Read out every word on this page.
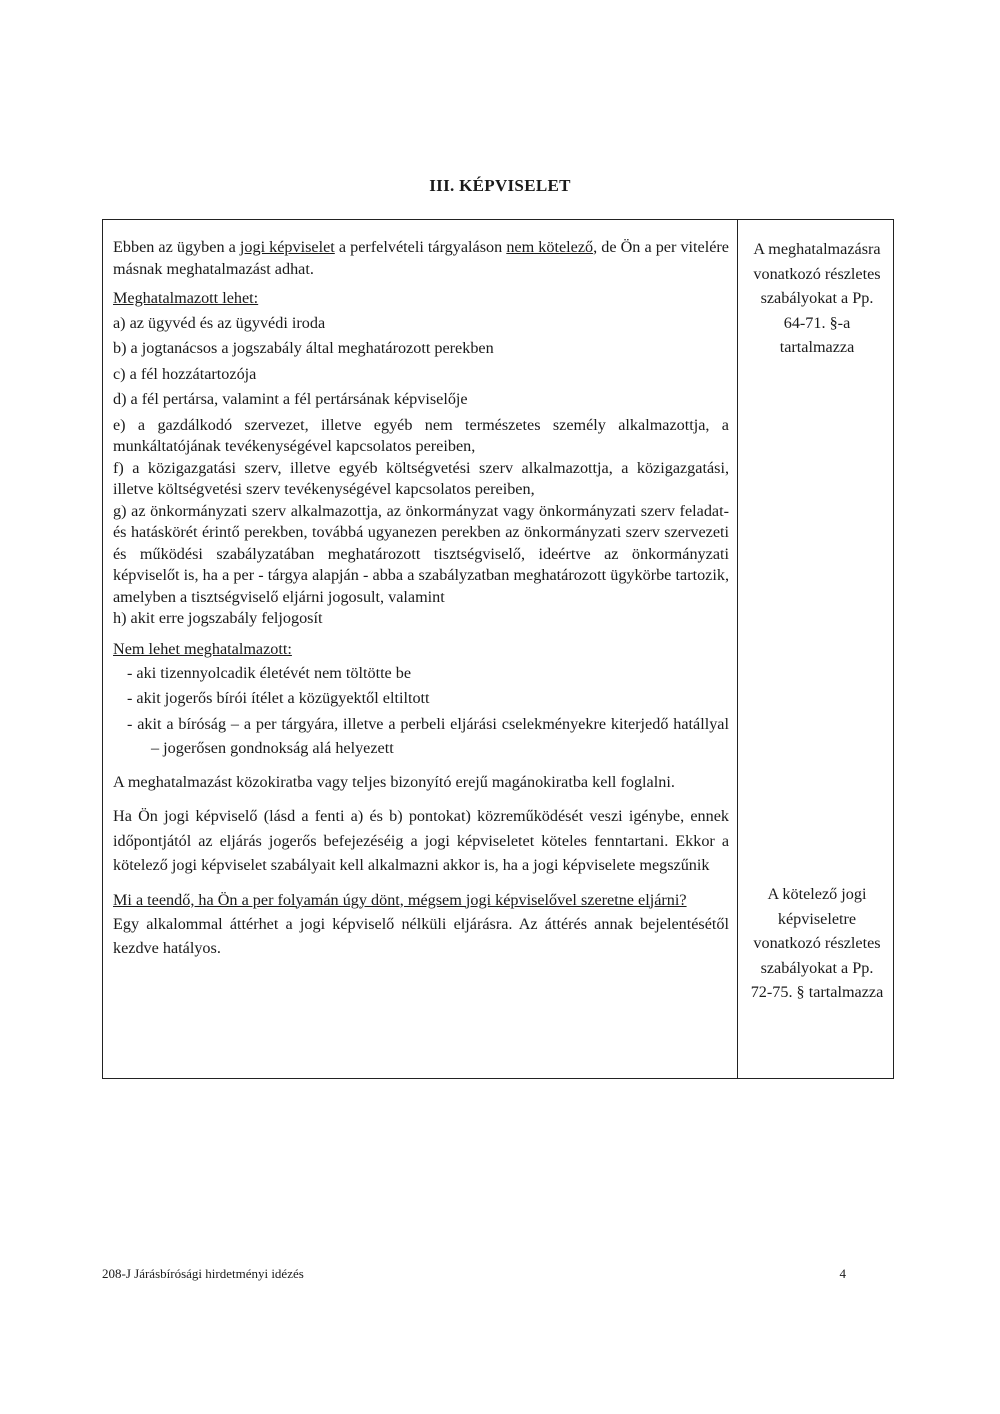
III. KÉPVISELET

Ebben az ügyben a jogi képviselet a perfelvételi tárgyaláson nem kötelező, de Ön a per vitelére másnak meghatalmazást adhat.

Meghatalmazott lehet:

a) az ügyvéd és az ügyvédi iroda

b) a jogtanácsos a jogszabály által meghatározott perekben

c) a fél hozzátartozója

d) a fél pertársa, valamint a fél pertársának képviselője

e) a gazdálkodó szervezet, illetve egyéb nem természetes személy alkalmazottja, a munkáltatójának tevékenységével kapcsolatos pereiben,

f) a közigazgatási szerv, illetve egyéb költségvetési szerv alkalmazottja, a közigazgatási, illetve költségvetési szerv tevékenységével kapcsolatos pereiben,

g) az önkormányzati szerv alkalmazottja, az önkormányzat vagy önkormányzati szerv feladat- és hatáskörét érintő perekben, továbbá ugyanezen perekben az önkormányzati szerv szervezeti és működési szabályzatában meghatározott tisztségviselő, ideértve az önkormányzati képviselőt is, ha a per - tárgya alapján - abba a szabályzatban meghatározott ügykörbe tartozik, amelyben a tisztségviselő eljárni jogosult, valamint

h) akit erre jogszabály feljogosít

Nem lehet meghatalmazott:

- aki tizennyolcadik életévét nem töltötte be

- akit jogerős bírói ítélet a közügyektől eltiltott

- akit a bíróság – a per tárgyára, illetve a perbeli eljárási cselekményekre kiterjedő hatállyal – jogerősen gondnokság alá helyezett

A meghatalmazást közokiratba vagy teljes bizonyító erejű magánokiratba kell foglalni.

Ha Ön jogi képviselő (lásd a fenti a) és b) pontokat) közreműködését veszi igénybe, ennek időpontjától az eljárás jogerős befejezéséig a jogi képviseletet köteles fenntartani. Ekkor a kötelező jogi képviselet szabályait kell alkalmazni akkor is, ha a jogi képviselete megszűnik

Mi a teendő, ha Ön a per folyamán úgy dönt, mégsem jogi képviselővel szeretne eljárni?

Egy alkalommal áttérhet a jogi képviselő nélküli eljárásra. Az áttérés annak bejelentésétől kezdve hatályos.

A meghatalmazásra
vonatkozó részletes
szabályokat a Pp.
64-71. §-a
tartalmazza
A kötelező jogi
képviseletre
vonatkozó részletes
szabályokat a Pp.
72-75. § tartalmazza
208-J Járásbírósági hirdetményi idézés	4
